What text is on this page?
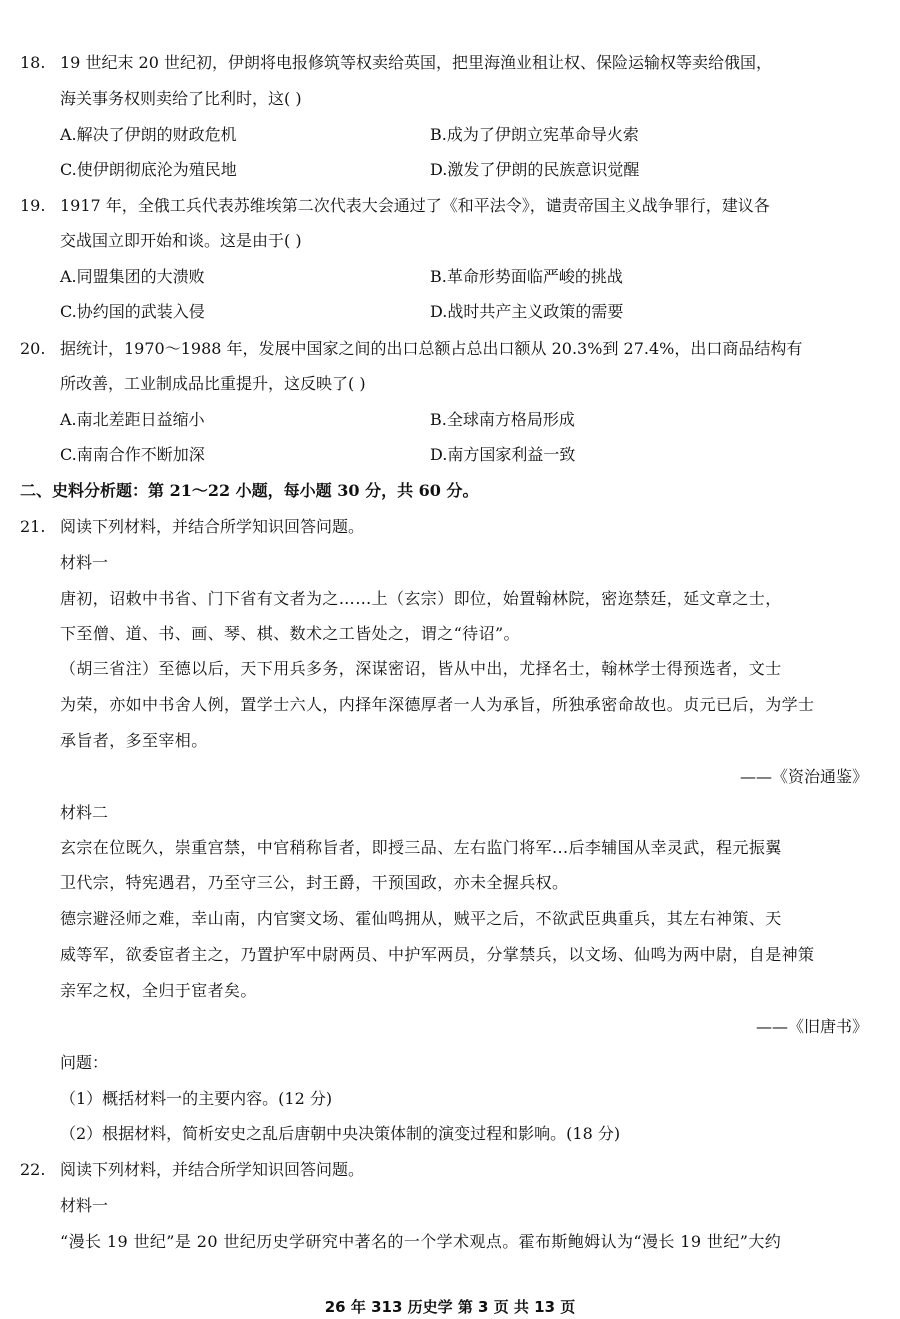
18. 19 世纪末 20 世纪初，伊朗将电报修筑等权卖给英国，把里海渔业租让权、保险运输权等卖给俄国，
海关事务权则卖给了比利时，这( )
A.解决了伊朗的财政危机	B.成为了伊朗立宪革命导火索
C.使伊朗彻底沦为殖民地	D.激发了伊朗的民族意识觉醒
19. 1917 年，全俄工兵代表苏维埃第二次代表大会通过了《和平法令》，谴责帝国主义战争罪行，建议各
交战国立即开始和谈。这是由于( )
A.同盟集团的大溃败	B.革命形势面临严峻的挑战
C.协约国的武装入侵	D.战时共产主义政策的需要
20. 据统计，1970～1988 年，发展中国家之间的出口总额占总出口额从 20.3%到 27.4%，出口商品结构有
所改善，工业制成品比重提升，这反映了( )
A.南北差距日益缩小	B.全球南方格局形成
C.南南合作不断加深	D.南方国家利益一致
二、史料分析题：第 21～22 小题，每小题 30 分，共 60 分。
21. 阅读下列材料，并结合所学知识回答问题。
材料一
唐初，诏敕中书省、门下省有文者为之……上（玄宗）即位，始置翰林院，密迩禁廷，延文章之士，
下至僧、道、书、画、琴、棋、数术之工皆处之，谓之“待诏”。
（胡三省注）至德以后，天下用兵多务，深谋密诏，皆从中出，尤择名士，翰林学士得预选者，文士
为荣，亦如中书舍人例，置学士六人，内择年深德厚者一人为承旨，所独承密命故也。贞元已后，为学士
承旨者，多至宰相。
——《资治通鉴》
材料二
玄宗在位既久，崇重宫禁，中官稍称旨者，即授三品、左右监门将军...后李辅国从幸灵武，程元振翼
卫代宗，特宪遇君，乃至守三公，封王爵，干预国政，亦未全握兵权。
德宗避泾师之难，幸山南，内官窦文场、霍仙鸣拥从，贼平之后，不欲武臣典重兵，其左右神策、天
威等军，欲委宦者主之，乃置护军中尉两员、中护军两员，分掌禁兵，以文场、仙鸣为两中尉，自是神策
亲军之权，全归于宦者矣。
——《旧唐书》
问题：
（1）概括材料一的主要内容。(12 分)
（2）根据材料，简析安史之乱后唐朝中央决策体制的演变过程和影响。(18 分)
22. 阅读下列材料，并结合所学知识回答问题。
材料一
“漫长 19 世纪”是 20 世纪历史学研究中著名的一个学术观点。霍布斯鲍姆认为“漫长 19 世纪”大约
26 年 313 历史学 第 3 页 共 13 页
